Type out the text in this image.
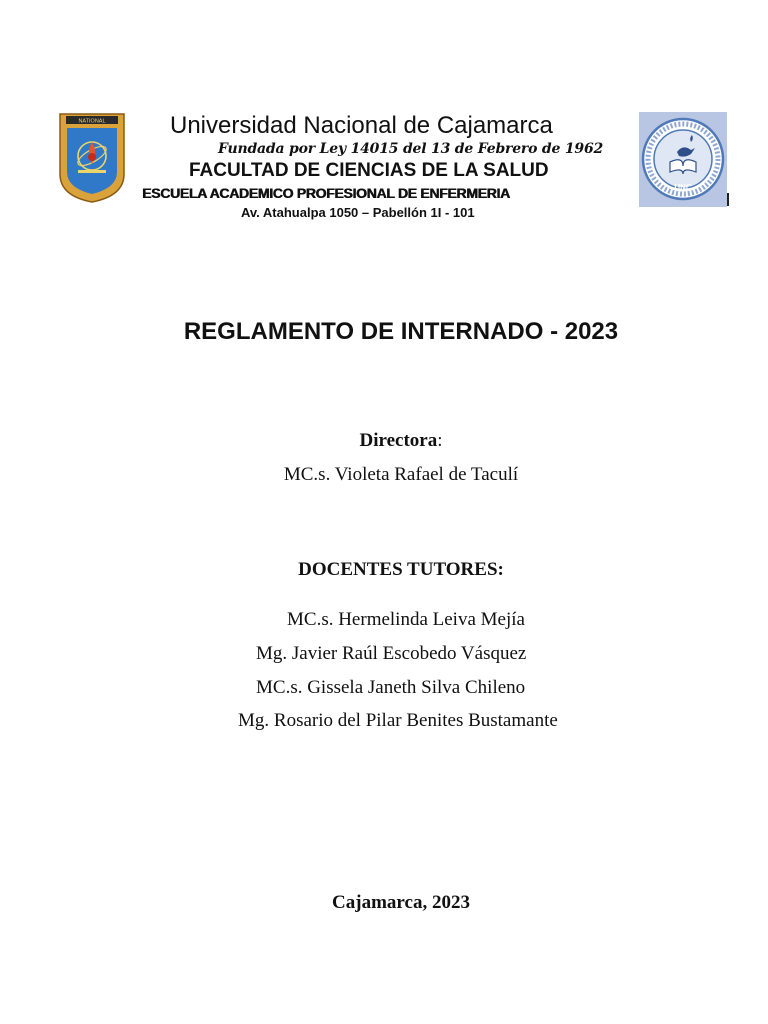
NATIONAL	Universidad Nacional de Cajamarca
Fundada por Ley 14015 del 13 de Febrero de 1962
FACULTAD DE CIENCIAS DE LA SALUD
ESCUELA ACADEMICO PROFESIONAL DE ENFERMERIA
Av. Atahualpa 1050 – Pabellón 1I - 101
UNC
REGLAMENTO DE INTERNADO - 2023
Directora:
MC.s. Violeta Rafael de Taculí
DOCENTES TUTORES:
MC.s. Hermelinda Leiva Mejía
Mg. Javier Raúl Escobedo Vásquez
MC.s. Gissela Janeth Silva Chileno
Mg. Rosario del Pilar Benites Bustamante
Cajamarca, 2023
